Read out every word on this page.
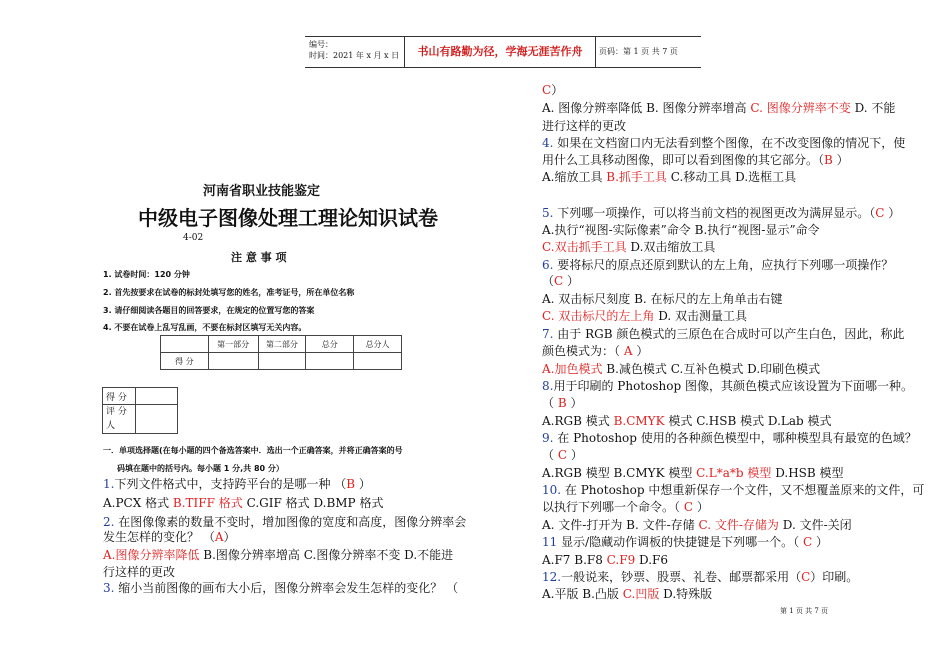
编号：
时间：2021 年 x 月 x 日	书山有路勤为径，学海无涯苦作舟	页码：第 1 页 共 7 页
河南省职业技能鉴定
中级电子图像处理工理论知识试卷
4-02
注 意 事 项
1. 试卷时间：120 分钟
2. 首先按要求在试卷的标封处填写您的姓名，准考证号，所在单位名称
3. 请仔细阅读各题目的回答要求，在规定的位置写您的答案
4. 不要在试卷上乱写乱画，不要在标封区填写无关内容。
	第一部分	第二部分	总分	总分人
得 分				
得 分	
评 分
人	
一．单项选择题(在每小题的四个备选答案中．选出一个正确答案，并将正确答案的号
码填在题中的括号内。每小题 1 分,共 80 分）
1.下列文件格式中，支持跨平台的是哪一种 （B ）
A.PCX 格式 B.TIFF 格式 C.GIF 格式 D.BMP 格式
2. 在图像像素的数量不变时，增加图像的宽度和高度，图像分辨率会
发生怎样的变化？ （A）
A.图像分辨率降低 B.图像分辨率增高 C.图像分辨率不变 D.不能进
行这样的更改
3. 缩小当前图像的画布大小后，图像分辨率会发生怎样的变化？ （
C）
A. 图像分辨率降低 B. 图像分辨率增高 C. 图像分辨率不变 D. 不能
进行这样的更改
4. 如果在文档窗口内无法看到整个图像，在不改变图像的情况下，使
用什么工具移动图像，即可以看到图像的其它部分。（B ）
A.缩放工具 B.抓手工具 C.移动工具 D.选框工具
5. 下列哪一项操作，可以将当前文档的视图更改为满屏显示。（C ）
A.执行“视图-实际像素”命令 B.执行“视图-显示”命令
C.双击抓手工具 D.双击缩放工具
6. 要将标尺的原点还原到默认的左上角，应执行下列哪一项操作？
（C ）
A. 双击标尺刻度 B. 在标尺的左上角单击右键
C. 双击标尺的左上角 D. 双击测量工具
7. 由于 RGB 颜色模式的三原色在合成时可以产生白色，因此，称此
颜色模式为：（ A ）
A.加色模式 B.减色模式 C.互补色模式 D.印刷色模式
8.用于印刷的 Photoshop 图像，其颜色模式应该设置为下面哪一种。
（ B ）
A.RGB 模式 B.CMYK 模式 C.HSB 模式 D.Lab 模式
9. 在 Photoshop 使用的各种颜色模型中，哪种模型具有最宽的色域？
（ C ）
A.RGB 模型 B.CMYK 模型 C.L*a*b 模型 D.HSB 模型
10. 在 Photoshop 中想重新保存一个文件，又不想覆盖原来的文件，可
以执行下列哪一个命令。（ C ）
A. 文件-打开为 B. 文件-存储 C. 文件-存储为 D. 文件-关闭
11 显示/隐藏动作调板的快捷键是下列哪一个。（ C ）
A.F7 B.F8 C.F9 D.F6
12.一般说来，钞票、股票、礼卷、邮票都采用（C）印刷。
A.平版 B.凸版 C.凹版 D.特殊版
第 1 页 共 7 页
